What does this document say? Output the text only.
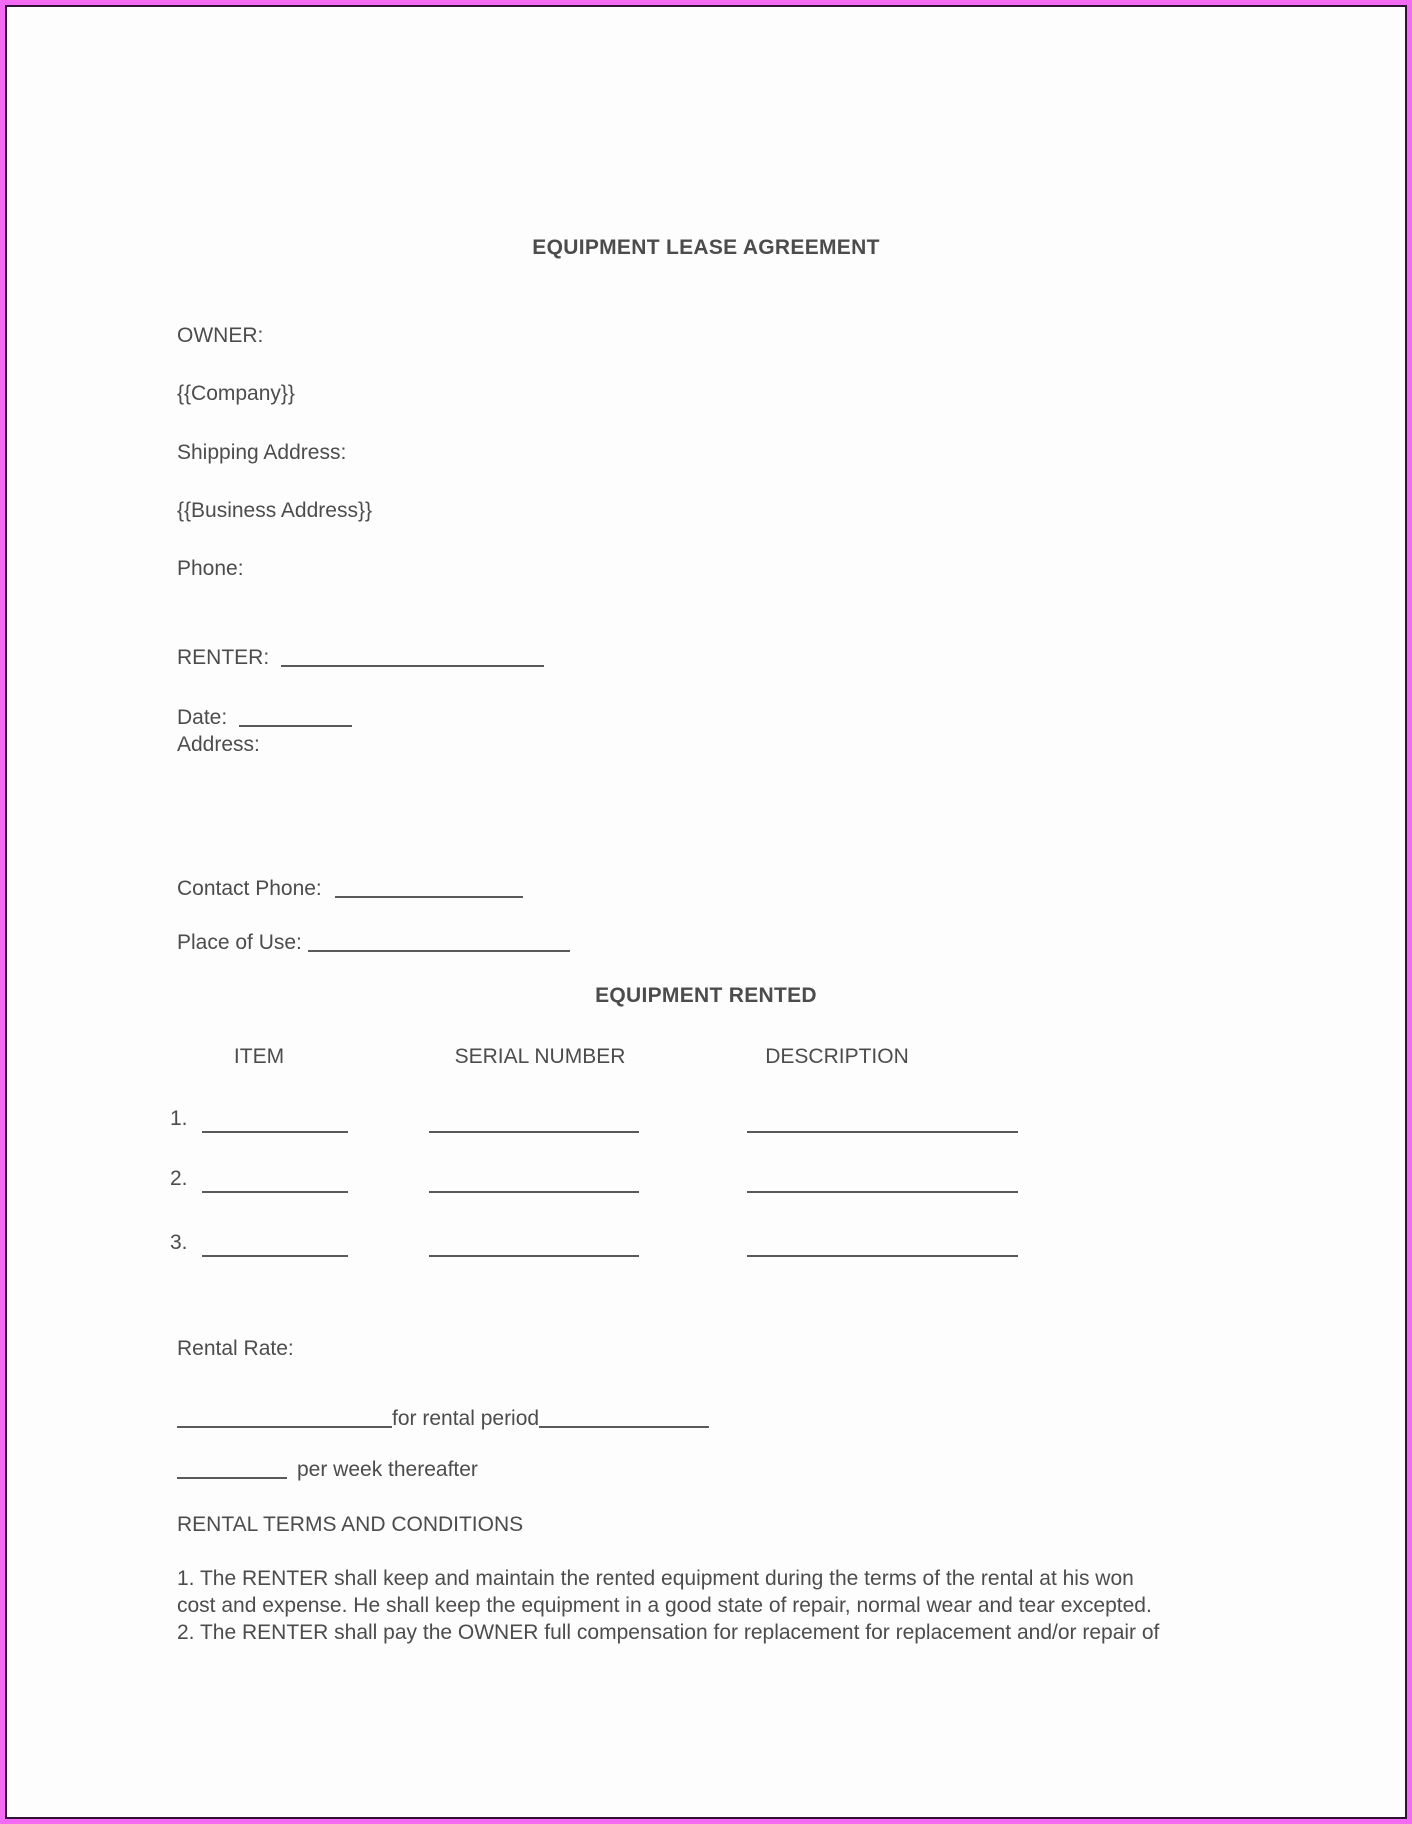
EQUIPMENT LEASE AGREEMENT
OWNER:
{{Company}}
Shipping Address:
{{Business Address}}
Phone:
RENTER:
Date:
Address:
Contact Phone:
Place of Use:
EQUIPMENT RENTED
ITEM	SERIAL NUMBER	DESCRIPTION
1.
2.
3.
Rental Rate:
for rental period
per week thereafter
RENTAL TERMS AND CONDITIONS
1. The RENTER shall keep and maintain the rented equipment during the terms of the rental at his won
cost and expense. He shall keep the equipment in a good state of repair, normal wear and tear excepted.
2. The RENTER shall pay the OWNER full compensation for replacement for replacement and/or repair of
